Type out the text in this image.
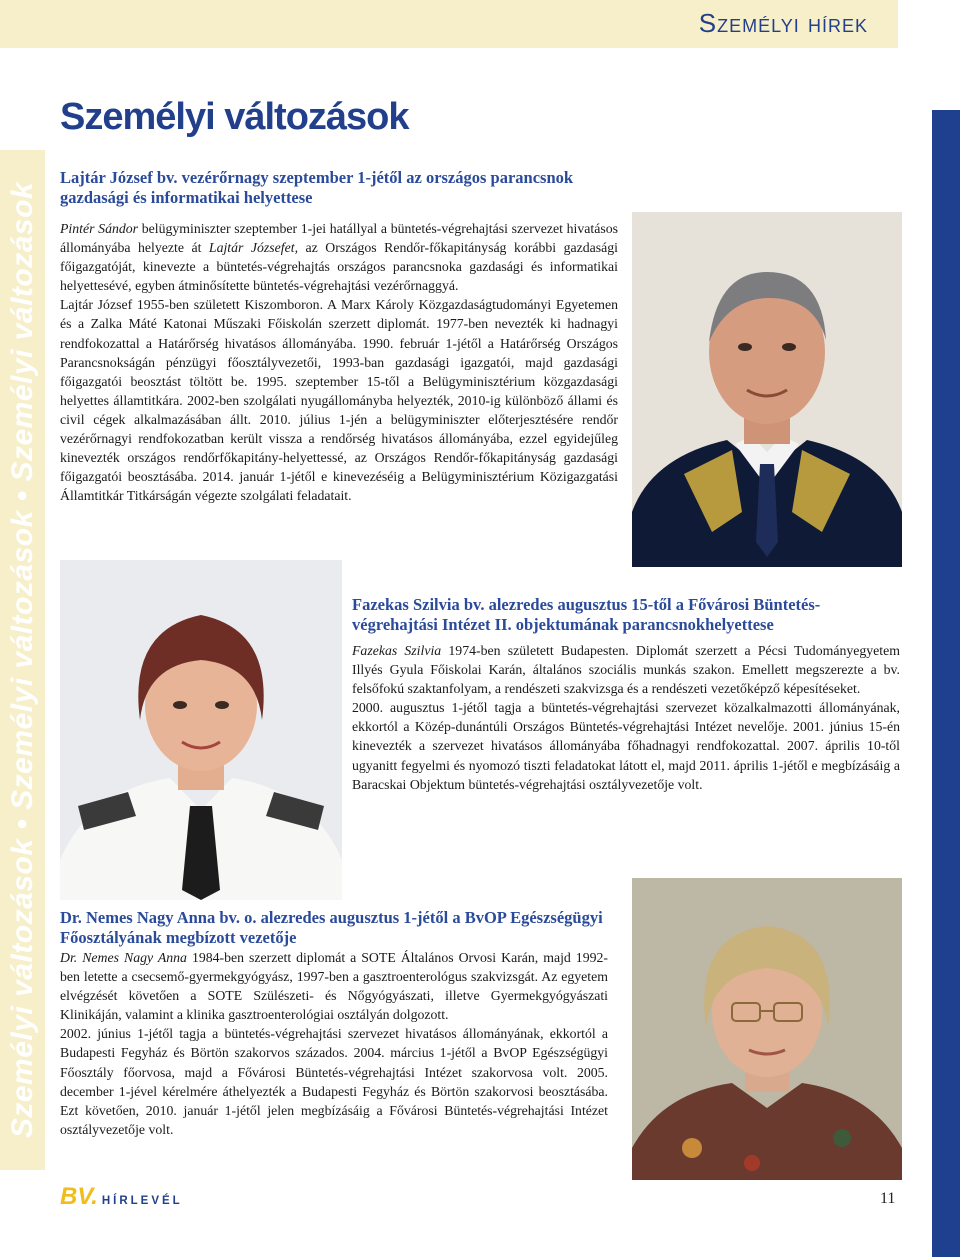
Személyi hírek
Személyi változások • Személyi változások • Személyi változások
Személyi változások
Lajtár József bv. vezérőrnagy szeptember 1-jétől az országos parancsnok gazdasági és informatikai helyettese

Pintér Sándor belügyminiszter szeptember 1-jei hatállyal a büntetés-végrehajtási szervezet hivatásos állományába helyezte át Lajtár Józsefet, az Országos Rendőr-főkapitányság korábbi gazdasági főigazgatóját, kinevezte a büntetés-végrehajtás országos parancsnoka gazdasági és informatikai helyettesévé, egyben átminősítette büntetés-végrehajtási vezérőrnaggyá.

Lajtár József 1955-ben született Kiszomboron. A Marx Károly Közgazdaságtudományi Egyetemen és a Zalka Máté Katonai Műszaki Főiskolán szerzett diplomát. 1977-ben nevezték ki hadnagyi rendfokozattal a Határőrség hivatásos állományába. 1990. február 1-jétől a Határőrség Országos Parancsnokságán pénzügyi főosztályvezetői, 1993-ban gazdasági igazgatói, majd gazdasági főigazgatói beosztást töltött be. 1995. szeptember 15-től a Belügyminisztérium közgazdasági helyettes államtitkára. 2002-ben szolgálati nyugállományba helyezték, 2010-ig különböző állami és civil cégek alkalmazásában állt. 2010. július 1-jén a belügyminiszter előterjesztésére rendőr vezérőrnagyi rendfokozatban került vissza a rendőrség hivatásos állományába, ezzel egyidejűleg kinevezték országos rendőrfőkapitány-helyettessé, az Országos Rendőr-főkapitányság gazdasági főigazgatói beosztásába. 2014. január 1-jétől e kinevezéséig a Belügyminisztérium Közigazgatási Államtitkár Titkárságán végezte szolgálati feladatait.

Fazekas Szilvia bv. alezredes augusztus 15-től a Fővárosi Büntetés-végrehajtási Intézet II. objektumának parancsnokhelyettese

Fazekas Szilvia 1974-ben született Budapesten. Diplomát szerzett a Pécsi Tudományegyetem Illyés Gyula Főiskolai Karán, általános szociális munkás szakon. Emellett megszerezte a bv. felsőfokú szaktanfolyam, a rendészeti szakvizsga és a rendészeti vezetőképző képesítéseket.

2000. augusztus 1-jétől tagja a büntetés-végrehajtási szervezet közalkalmazotti állományának, ekkortól a Közép-dunántúli Országos Büntetés-végrehajtási Intézet nevelője. 2001. június 15-én kinevezték a szervezet hivatásos állományába főhadnagyi rendfokozattal. 2007. április 10-től ugyanitt fegyelmi és nyomozó tiszti feladatokat látott el, majd 2011. április 1-jétől e megbízásáig a Baracskai Objektum büntetés-végrehajtási osztályvezetője volt.

Dr. Nemes Nagy Anna bv. o. alezredes augusztus 1-jétől a BvOP Egészségügyi Főosztályának megbízott vezetője

Dr. Nemes Nagy Anna 1984-ben szerzett diplomát a SOTE Általános Orvosi Karán, majd 1992-ben letette a csecsemő-gyermekgyógyász, 1997-ben a gasztroenterológus szakvizsgát. Az egyetem elvégzését követően a SOTE Szülészeti- és Nőgyógyászati, illetve Gyermekgyógyászati Klinikáján, valamint a klinika gasztroenterológiai osztályán dolgozott.

2002. június 1-jétől tagja a büntetés-végrehajtási szervezet hivatásos állományának, ekkortól a Budapesti Fegyház és Börtön szakorvos százados. 2004. március 1-jétől a BvOP Egészségügyi Főosztály főorvosa, majd a Fővárosi Büntetés-végrehajtási Intézet szakorvosa volt. 2005. december 1-jével kérelmére áthelyezték a Budapesti Fegyház és Börtön szakorvosi beosztásába. Ezt követően, 2010. január 1-jétől jelen megbízásáig a Fővárosi Büntetés-végrehajtási Intézet osztályvezetője volt.

BV. HÍRLEVÉL	11
